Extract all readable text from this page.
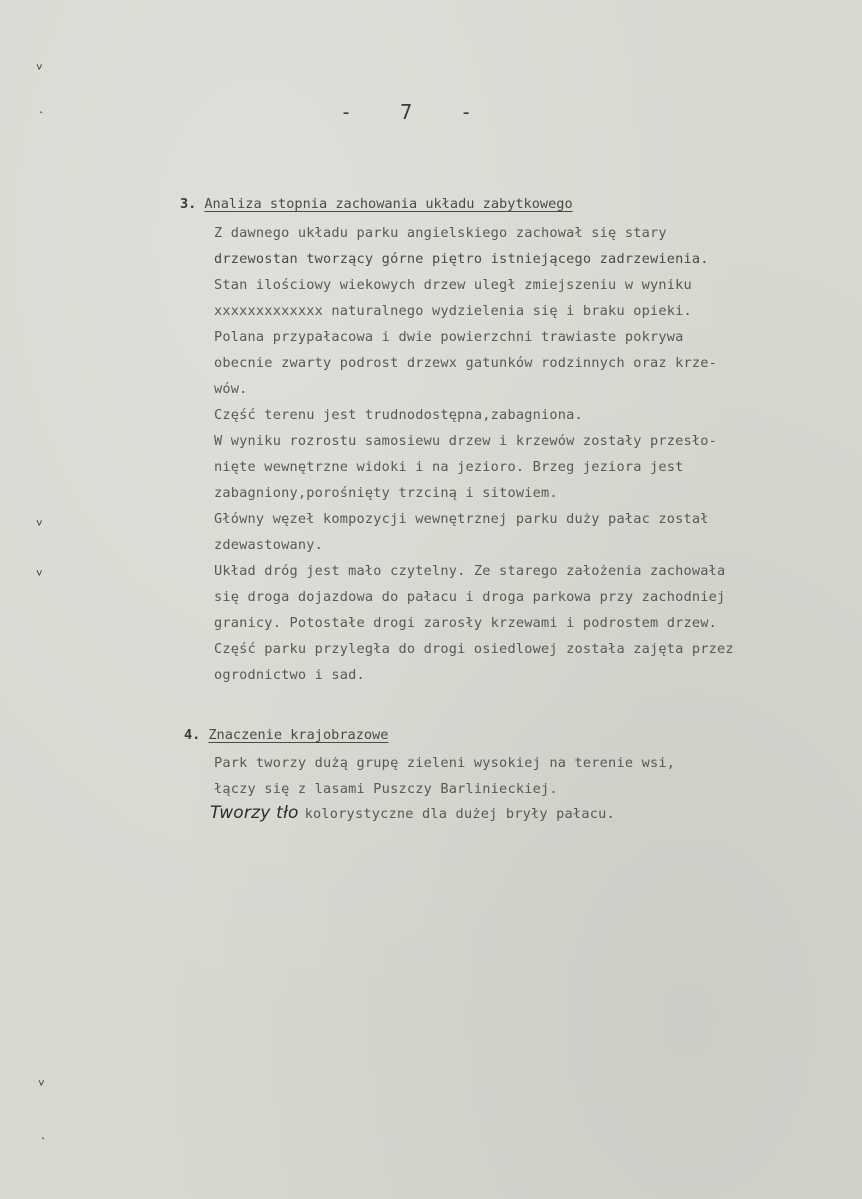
˅
˛
˅
˅
˅
˛
- 7 -
3. Analiza stopnia zachowania układu zabytkowego
Z dawnego układu parku angielskiego zachował się stary
drzewostan tworzący górne piętro istniejącego zadrzewienia.
Stan ilościowy wiekowych drzew uległ zmiejszeniu w wyniku
xxxxxxxxxxxxx naturalnego wydzielenia się i braku opieki.
Polana przypałacowa i dwie powierzchni trawiaste pokrywa
obecnie zwarty podrost drzewx gatunków rodzinnych oraz krze-
wów.
Część terenu jest trudnodostępna,zabagniona.
W wyniku rozrostu samosiewu drzew i krzewów zostały przesło-
nięte wewnętrzne widoki i na jezioro. Brzeg jeziora jest
zabagniony,porośnięty trzciną i sitowiem.
Główny węzeł kompozycji wewnętrznej parku duży pałac został
zdewastowany.
Układ dróg jest mało czytelny. Ze starego założenia zachowała
się droga dojazdowa do pałacu i droga parkowa przy zachodniej
granicy. Potostałe drogi zarosły krzewami i podrostem drzew.
Część parku przyległa do drogi osiedlowej została zajęta przez
ogrodnictwo i sad.
4. Znaczenie krajobrazowe
Park tworzy dużą grupę zieleni wysokiej na terenie wsi,
łączy się z lasami Puszczy Barlinieckiej.
Tworzy tło kolorystyczne dla dużej bryły pałacu.
